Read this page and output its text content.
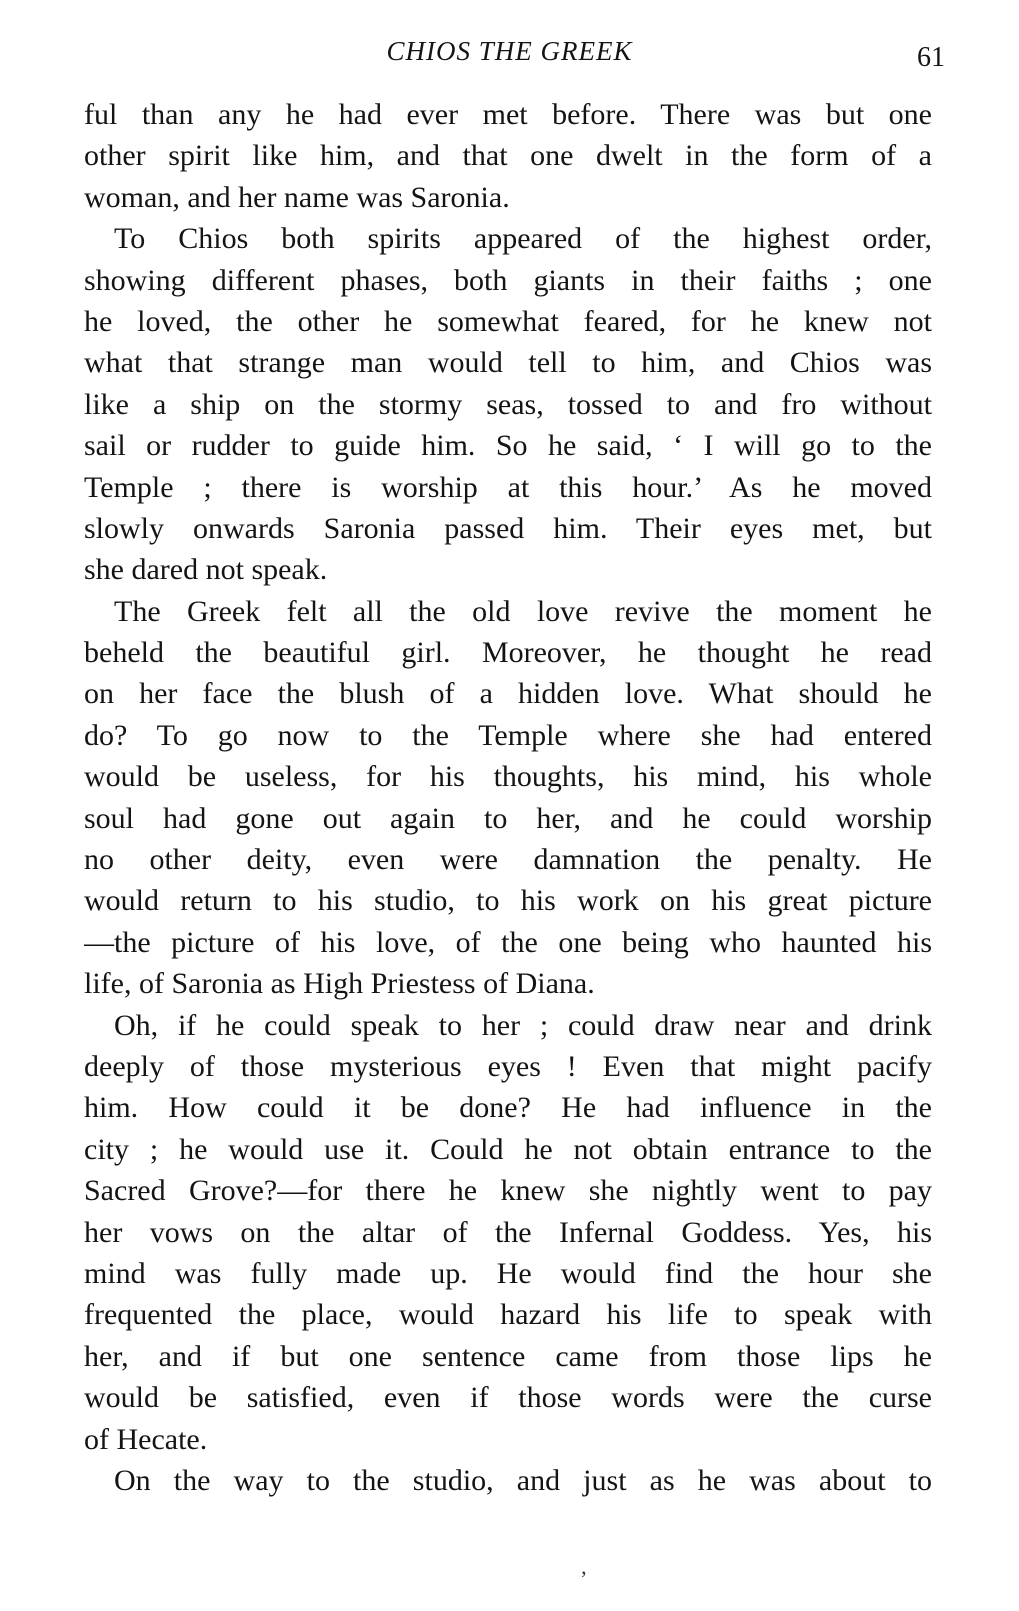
CHIOS THE GREEK	61
ful than any he had ever met before. There was but one
other spirit like him, and that one dwelt in the form of a
woman, and her name was Saronia.
To Chios both spirits appeared of the highest order,
showing different phases, both giants in their faiths ; one
he loved, the other he somewhat feared, for he knew not
what that strange man would tell to him, and Chios was
like a ship on the stormy seas, tossed to and fro without
sail or rudder to guide him. So he said, ‘ I will go to the
Temple ; there is worship at this hour.’ As he moved
slowly onwards Saronia passed him. Their eyes met, but
she dared not speak.
The Greek felt all the old love revive the moment he
beheld the beautiful girl. Moreover, he thought he read
on her face the blush of a hidden love. What should he
do? To go now to the Temple where she had entered
would be useless, for his thoughts, his mind, his whole
soul had gone out again to her, and he could worship
no other deity, even were damnation the penalty. He
would return to his studio, to his work on his great picture
—the picture of his love, of the one being who haunted his
life, of Saronia as High Priestess of Diana.
Oh, if he could speak to her ; could draw near and drink
deeply of those mysterious eyes ! Even that might pacify
him. How could it be done? He had influence in the
city ; he would use it. Could he not obtain entrance to the
Sacred Grove?—for there he knew she nightly went to pay
her vows on the altar of the Infernal Goddess. Yes, his
mind was fully made up. He would find the hour she
frequented the place, would hazard his life to speak with
her, and if but one sentence came from those lips he
would be satisfied, even if those words were the curse
of Hecate.
On the way to the studio, and just as he was about to
’
